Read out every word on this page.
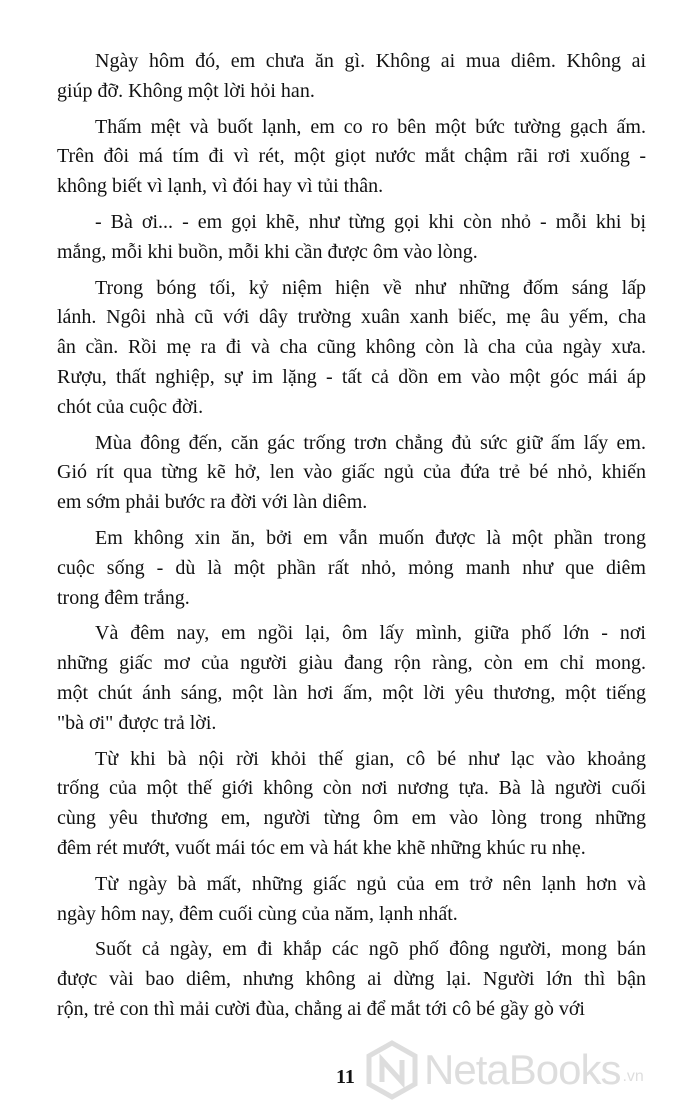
Ngày hôm đó, em chưa ăn gì. Không ai mua diêm. Không ai
giúp đỡ. Không một lời hỏi han.
Thấm mệt và buốt lạnh, em co ro bên một bức tường gạch ấm.
Trên đôi má tím đi vì rét, một giọt nước mắt chậm rãi rơi xuống -
không biết vì lạnh, vì đói hay vì tủi thân.
- Bà ơi... - em gọi khẽ, như từng gọi khi còn nhỏ - mỗi khi bị
mắng, mỗi khi buồn, mỗi khi cần được ôm vào lòng.
Trong bóng tối, kỷ niệm hiện về như những đốm sáng lấp
lánh. Ngôi nhà cũ với dây trường xuân xanh biếc, mẹ âu yếm, cha
ân cần. Rồi mẹ ra đi và cha cũng không còn là cha của ngày xưa.
Rượu, thất nghiệp, sự im lặng - tất cả dồn em vào một góc mái áp
chót của cuộc đời.
Mùa đông đến, căn gác trống trơn chẳng đủ sức giữ ấm lấy em.
Gió rít qua từng kẽ hở, len vào giấc ngủ của đứa trẻ bé nhỏ, khiến
em sớm phải bước ra đời với làn diêm.
Em không xin ăn, bởi em vẫn muốn được là một phần trong
cuộc sống - dù là một phần rất nhỏ, mỏng manh như que diêm
trong đêm trắng.
Và đêm nay, em ngồi lại, ôm lấy mình, giữa phố lớn - nơi
những giấc mơ của người giàu đang rộn ràng, còn em chỉ mong.
một chút ánh sáng, một làn hơi ấm, một lời yêu thương, một tiếng
"bà ơi" được trả lời.
Từ khi bà nội rời khỏi thế gian, cô bé như lạc vào khoảng
trống của một thế giới không còn nơi nương tựa. Bà là người cuối
cùng yêu thương em, người từng ôm em vào lòng trong những
đêm rét mướt, vuốt mái tóc em và hát khe khẽ những khúc ru nhẹ.
Từ ngày bà mất, những giấc ngủ của em trở nên lạnh hơn và
ngày hôm nay, đêm cuối cùng của năm, lạnh nhất.
Suốt cả ngày, em đi khắp các ngõ phố đông người, mong bán
được vài bao diêm, nhưng không ai dừng lại. Người lớn thì bận
rộn, trẻ con thì mải cười đùa, chẳng ai để mắt tới cô bé gầy gò với
11 NetaBooks .vn
